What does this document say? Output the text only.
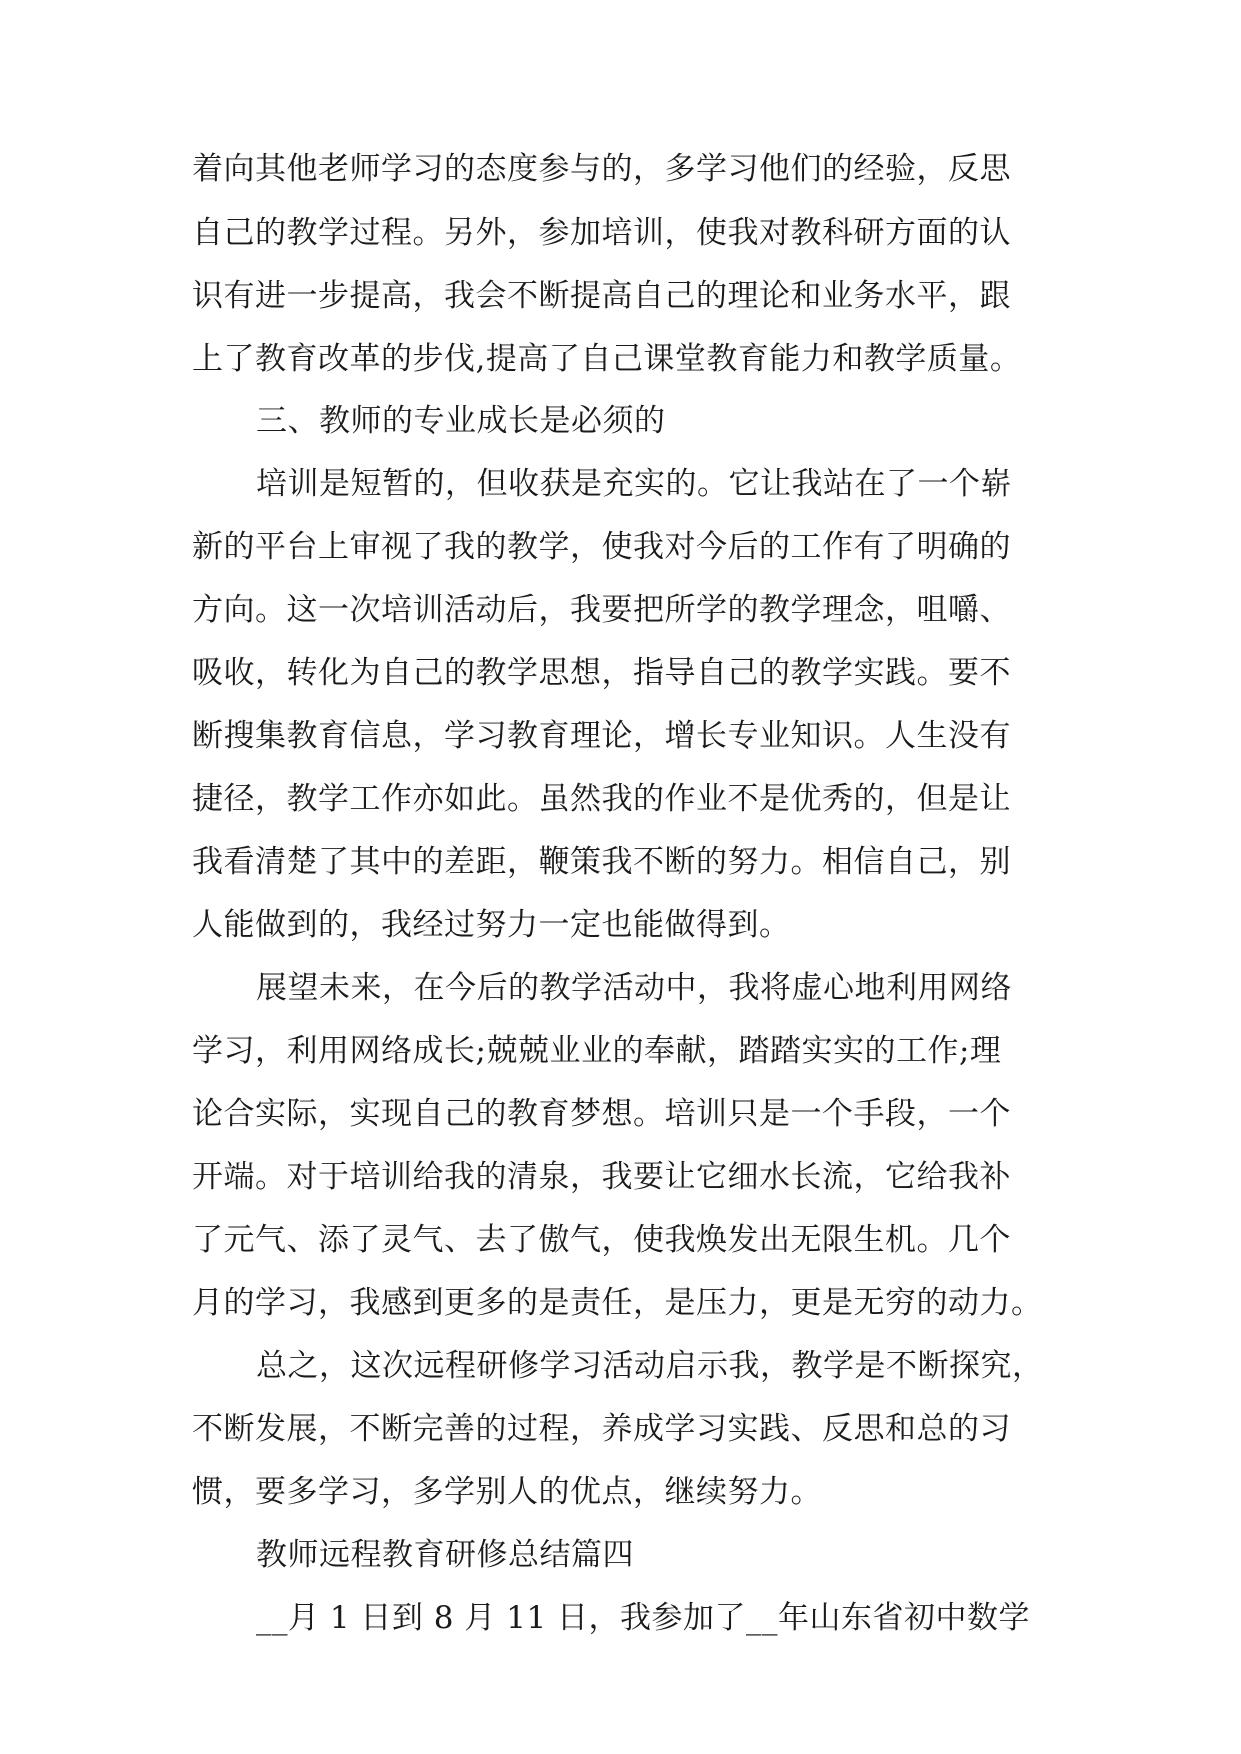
着向其他老师学习的态度参与的，多学习他们的经验，反思
自己的教学过程。另外，参加培训，使我对教科研方面的认
识有进一步提高，我会不断提高自己的理论和业务水平，跟
上了教育改革的步伐,提高了自己课堂教育能力和教学质量。
三、教师的专业成长是必须的
培训是短暂的，但收获是充实的。它让我站在了一个崭
新的平台上审视了我的教学，使我对今后的工作有了明确的
方向。这一次培训活动后，我要把所学的教学理念，咀嚼、
吸收，转化为自己的教学思想，指导自己的教学实践。要不
断搜集教育信息，学习教育理论，增长专业知识。人生没有
捷径，教学工作亦如此。虽然我的作业不是优秀的，但是让
我看清楚了其中的差距，鞭策我不断的努力。相信自己，别
人能做到的，我经过努力一定也能做得到。
展望未来，在今后的教学活动中，我将虚心地利用网络
学习，利用网络成长;兢兢业业的奉献，踏踏实实的工作;理
论合实际，实现自己的教育梦想。培训只是一个手段，一个
开端。对于培训给我的清泉，我要让它细水长流，它给我补
了元气、添了灵气、去了傲气，使我焕发出无限生机。几个
月的学习，我感到更多的是责任，是压力，更是无穷的动力。
总之，这次远程研修学习活动启示我，教学是不断探究，
不断发展，不断完善的过程，养成学习实践、反思和总的习
惯，要多学习，多学别人的优点，继续努力。
教师远程教育研修总结篇四
__月 1 日到 8 月 11 日，我参加了__年山东省初中数学
